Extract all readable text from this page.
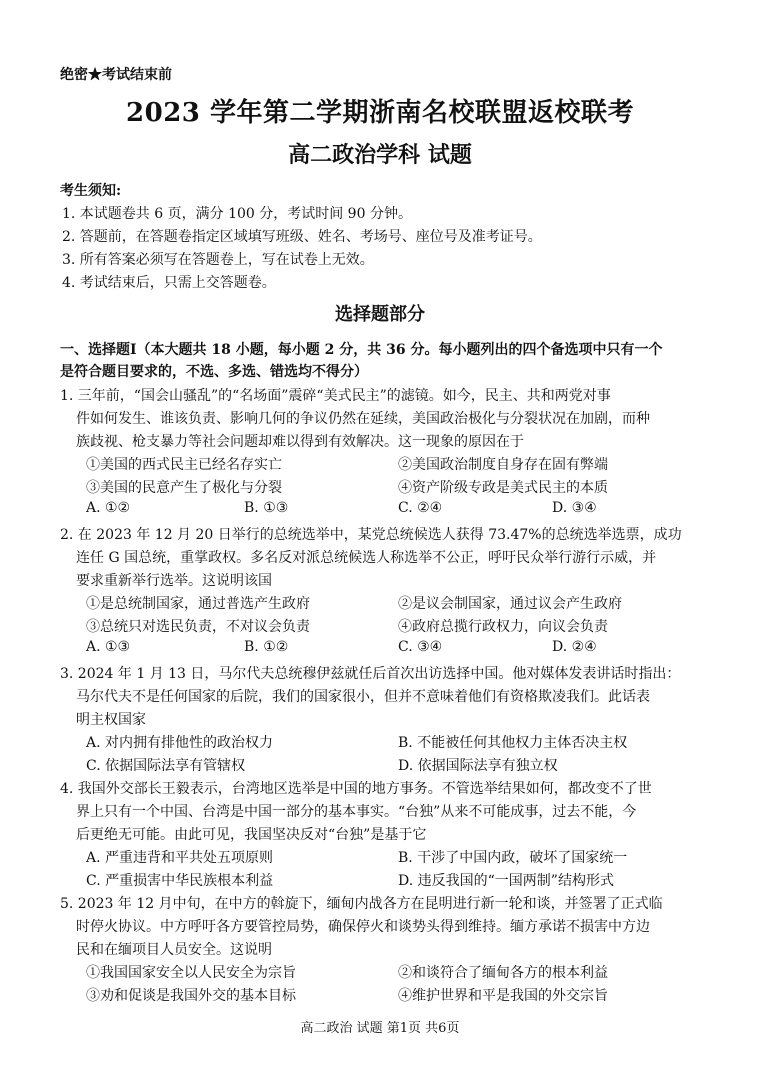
绝密★考试结束前
2023 学年第二学期浙南名校联盟返校联考
高二政治学科 试题
考生须知:
1. 本试题卷共 6 页，满分 100 分，考试时间 90 分钟。
2. 答题前，在答题卷指定区域填写班级、姓名、考场号、座位号及准考证号。
3. 所有答案必须写在答题卷上，写在试卷上无效。
4. 考试结束后，只需上交答题卷。
选择题部分
一、选择题Ⅰ（本大题共 18 小题，每小题 2 分，共 36 分。每小题列出的四个备选项中只有一个
是符合题目要求的，不选、多选、错选均不得分）
1. 三年前，“国会山骚乱”的“名场面”震碎“美式民主”的滤镜。如今，民主、共和两党对事
件如何发生、谁该负责、影响几何的争议仍然在延续，美国政治极化与分裂状况在加剧，而种
族歧视、枪支暴力等社会问题却难以得到有效解决。这一现象的原因在于
①美国的西式民主已经名存实亡	②美国政治制度自身存在固有弊端
③美国的民意产生了极化与分裂	④资产阶级专政是美式民主的本质
A. ①②	B. ①③	C. ②④	D. ③④
2. 在 2023 年 12 月 20 日举行的总统选举中，某党总统候选人获得 73.47%的总统选举选票，成功
连任 G 国总统，重掌政权。多名反对派总统候选人称选举不公正，呼吁民众举行游行示威，并
要求重新举行选举。这说明该国
①是总统制国家，通过普选产生政府	②是议会制国家，通过议会产生政府
③总统只对选民负责，不对议会负责	④政府总揽行政权力，向议会负责
A. ①③	B. ①②	C. ③④	D. ②④
3. 2024 年 1 月 13 日，马尔代夫总统穆伊兹就任后首次出访选择中国。他对媒体发表讲话时指出：
马尔代夫不是任何国家的后院，我们的国家很小，但并不意味着他们有资格欺凌我们。此话表
明主权国家
A. 对内拥有排他性的政治权力	B. 不能被任何其他权力主体否决主权
C. 依据国际法享有管辖权	D. 依据国际法享有独立权
4. 我国外交部长王毅表示，台湾地区选举是中国的地方事务。不管选举结果如何，都改变不了世
界上只有一个中国、台湾是中国一部分的基本事实。“台独”从来不可能成事，过去不能，今
后更绝无可能。由此可见，我国坚决反对“台独”是基于它
A. 严重违背和平共处五项原则	B. 干涉了中国内政，破坏了国家统一
C. 严重损害中华民族根本利益	D. 违反我国的“一国两制”结构形式
5. 2023 年 12 月中旬，在中方的斡旋下，缅甸内战各方在昆明进行新一轮和谈，并签署了正式临
时停火协议。中方呼吁各方要管控局势，确保停火和谈势头得到维持。缅方承诺不损害中方边
民和在缅项目人员安全。这说明
①我国国家安全以人民安全为宗旨	②和谈符合了缅甸各方的根本利益
③劝和促谈是我国外交的基本目标	④维护世界和平是我国的外交宗旨
高二政治 试题 第1页 共6页
